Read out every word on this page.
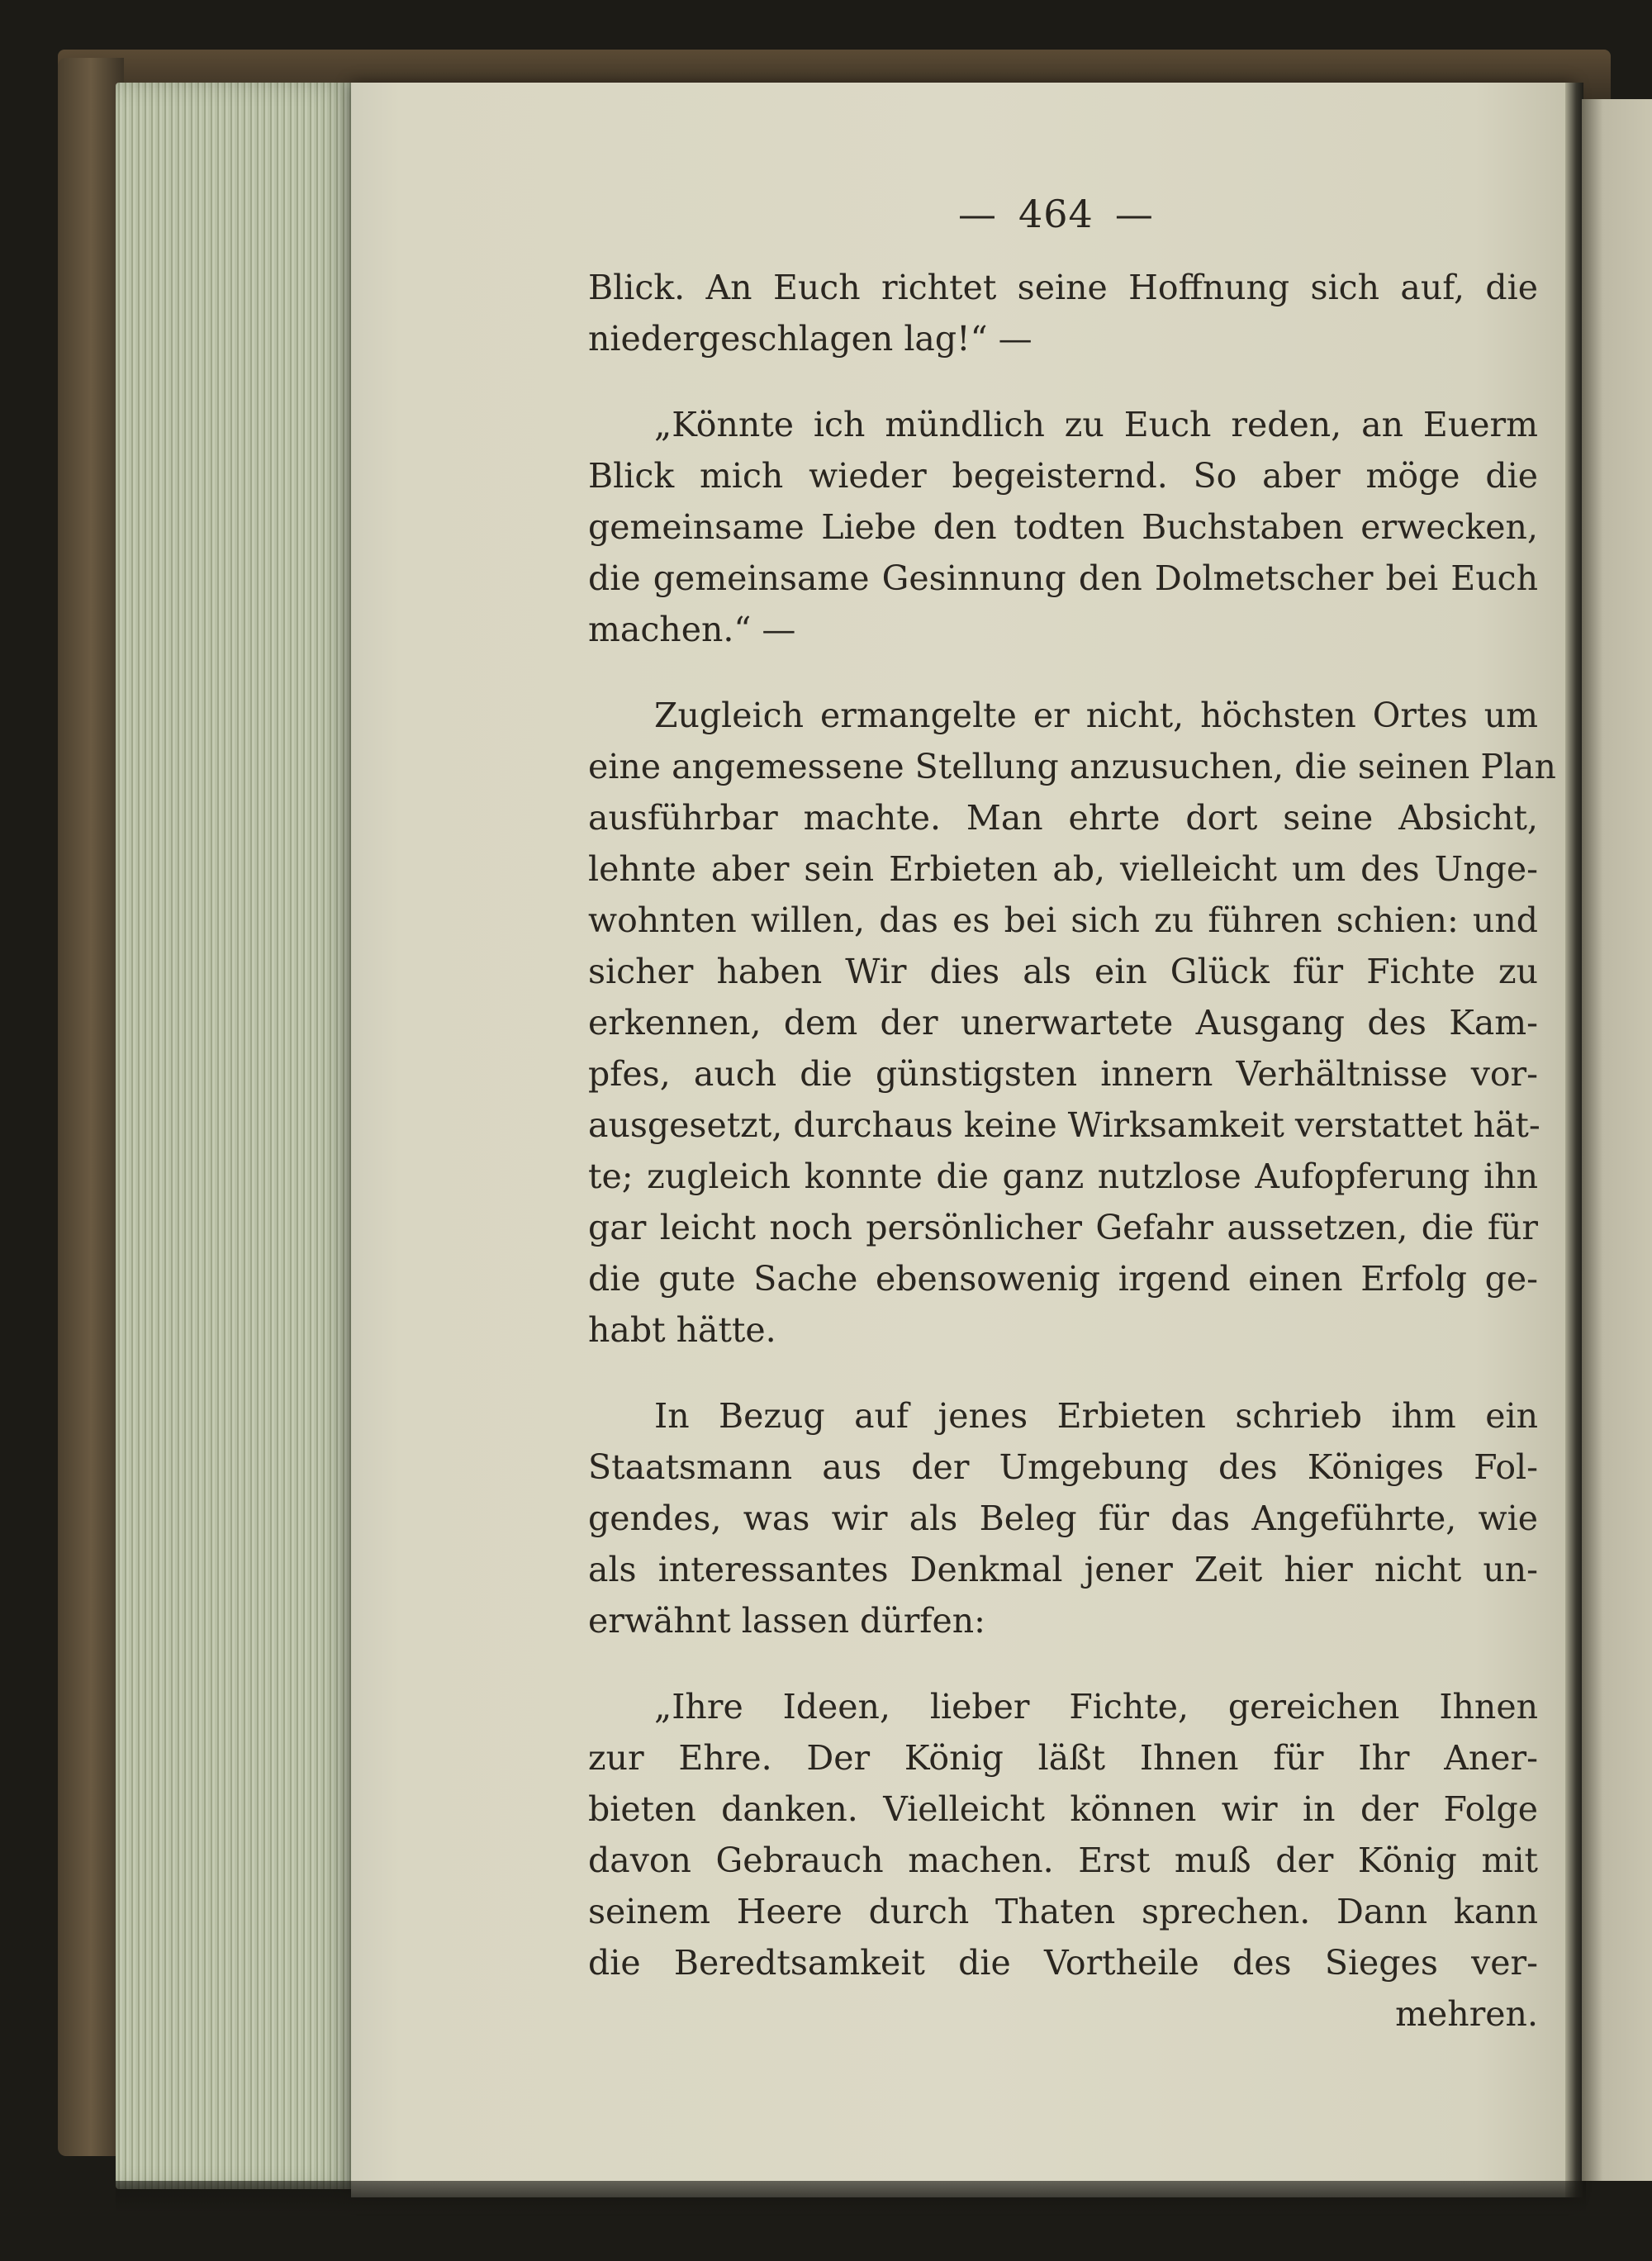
— 464 —
Blick. An Euch richtet seine Hoffnung sich auf, die
niedergeschlagen lag!“ —
„Könnte ich mündlich zu Euch reden, an Euerm
Blick mich wieder begeisternd. So aber möge die
gemeinsame Liebe den todten Buchstaben erwecken,
die gemeinsame Gesinnung den Dolmetscher bei Euch
machen.“ —
Zugleich ermangelte er nicht, höchsten Ortes um
eine angemessene Stellung anzusuchen, die seinen Plan
ausführbar machte. Man ehrte dort seine Absicht,
lehnte aber sein Erbieten ab, vielleicht um des Unge-
wohnten willen, das es bei sich zu führen schien: und
sicher haben Wir dies als ein Glück für Fichte zu
erkennen, dem der unerwartete Ausgang des Kam-
pfes, auch die günstigsten innern Verhältnisse vor-
ausgesetzt, durchaus keine Wirksamkeit verstattet hät-
te; zugleich konnte die ganz nutzlose Aufopferung ihn
gar leicht noch persönlicher Gefahr aussetzen, die für
die gute Sache ebensowenig irgend einen Erfolg ge-
habt hätte.
In Bezug auf jenes Erbieten schrieb ihm ein
Staatsmann aus der Umgebung des Königes Fol-
gendes, was wir als Beleg für das Angeführte, wie
als interessantes Denkmal jener Zeit hier nicht un-
erwähnt lassen dürfen:
„Ihre Ideen, lieber Fichte, gereichen Ihnen
zur Ehre. Der König läßt Ihnen für Ihr Aner-
bieten danken. Vielleicht können wir in der Folge
davon Gebrauch machen. Erst muß der König mit
seinem Heere durch Thaten sprechen. Dann kann
die Beredtsamkeit die Vortheile des Sieges ver-
mehren.
